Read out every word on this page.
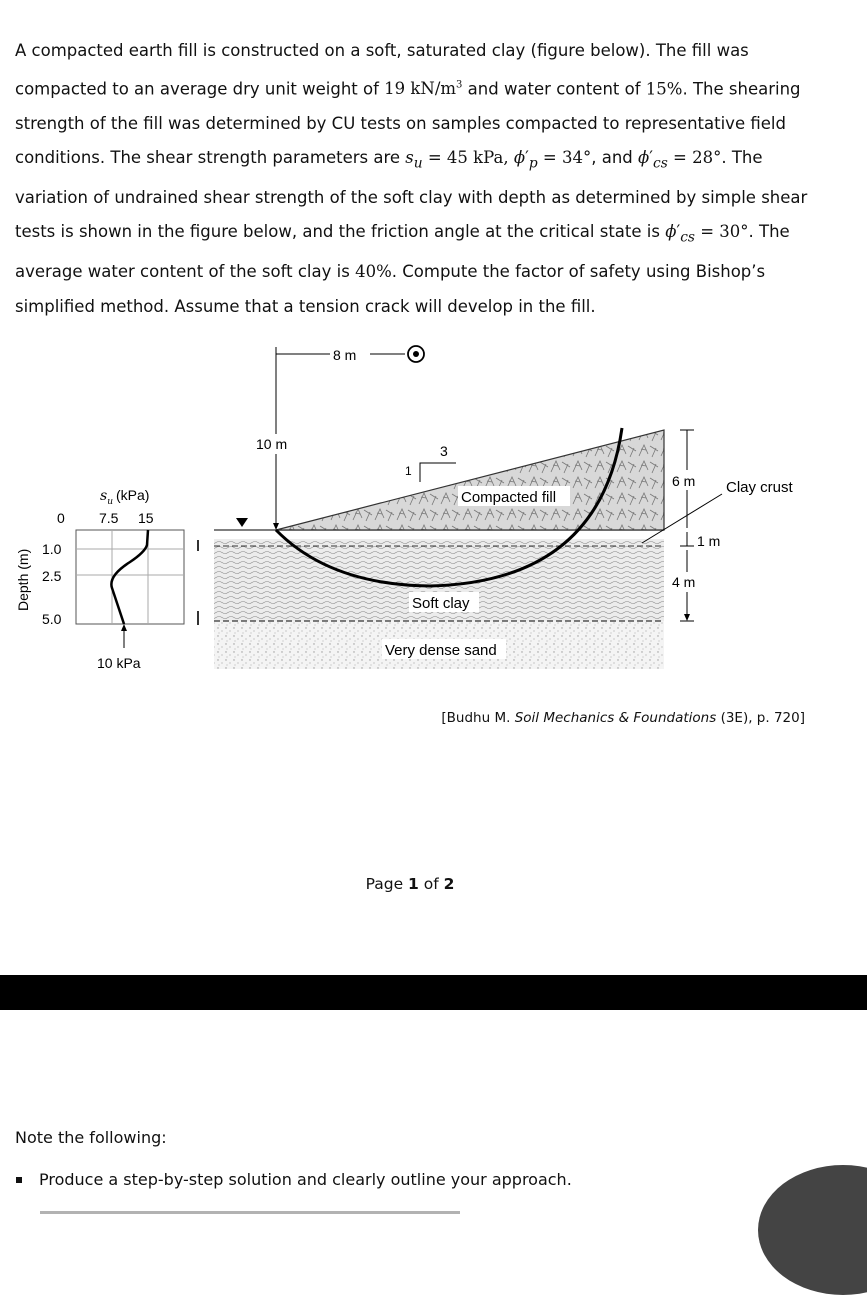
A compacted earth fill is constructed on a soft, saturated clay (figure below). The fill was compacted to an average dry unit weight of 19 $kN/m^3$ and water content of 15%. The shearing strength of the fill was determined by CU tests on samples compacted to representative field conditions. The shear strength parameters are $s_u = 45$ kPa, $\phi'_p = 34^\circ$, and $\phi'_{cs} = 28^\circ$. The variation of undrained shear strength of the soft clay with depth as determined by simple shear tests is shown in the figure below, and the friction angle at the critical state is $\phi'_{cs} = 30^\circ$. The average water content of the soft clay is 40%. Compute the factor of safety using Bishop’s simplified method. Assume that a tension crack will develop in the fill.

$s_u$ (kPa)
7.5 15
0
1.0
2.5
5.0
Depth (m)
10 kPa
8 m
10 m
1
3
Compacted fill
6 m
1 m
4 m
Clay crust
Soft clay
Very dense sand

[Budhu M. Soil Mechanics & Foundations (3E), p. 720]

Page 1 of 2

Note the following:

Produce a step-by-step solution and clearly outline your approach.
